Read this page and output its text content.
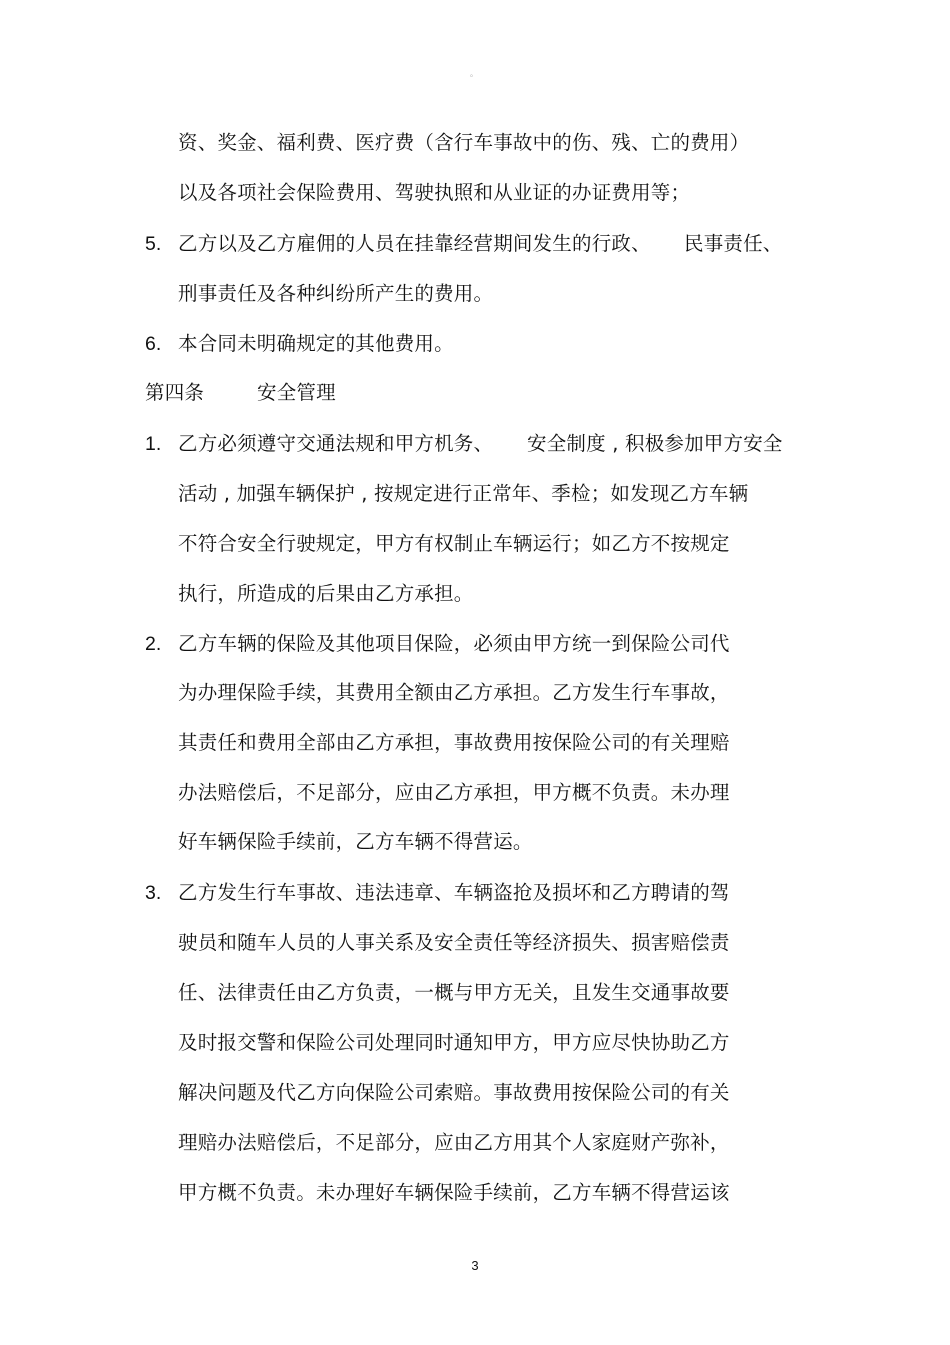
。
资、奖金、福利费、医疗费（含行车事故中的伤、残、亡的费用）
以及各项社会保险费用、驾驶执照和从业证的办证费用等；
5. 乙方以及乙方雇佣的人员在挂靠经营期间发生的行政、 民事责任、
刑事责任及各种纠纷所产生的费用。
6. 本合同未明确规定的其他费用。
第四条	安全管理
1. 乙方必须遵守交通法规和甲方机务、 安全制度 , 积极参加甲方安全
活动 , 加强车辆保护 , 按规定进行正常年、季检；如发现乙方车辆
不符合安全行驶规定，甲方有权制止车辆运行；如乙方不按规定
执行，所造成的后果由乙方承担。
2. 乙方车辆的保险及其他项目保险，必须由甲方统一到保险公司代
为办理保险手续，其费用全额由乙方承担。乙方发生行车事故，
其责任和费用全部由乙方承担，事故费用按保险公司的有关理赔
办法赔偿后，不足部分，应由乙方承担，甲方概不负责。未办理
好车辆保险手续前，乙方车辆不得营运。
3. 乙方发生行车事故、违法违章、车辆盗抢及损坏和乙方聘请的驾
驶员和随车人员的人事关系及安全责任等经济损失、损害赔偿责
任、法律责任由乙方负责，一概与甲方无关，且发生交通事故要
及时报交警和保险公司处理同时通知甲方，甲方应尽快协助乙方
解决问题及代乙方向保险公司索赔。事故费用按保险公司的有关
理赔办法赔偿后，不足部分，应由乙方用其个人家庭财产弥补，
甲方概不负责。未办理好车辆保险手续前，乙方车辆不得营运该
3
